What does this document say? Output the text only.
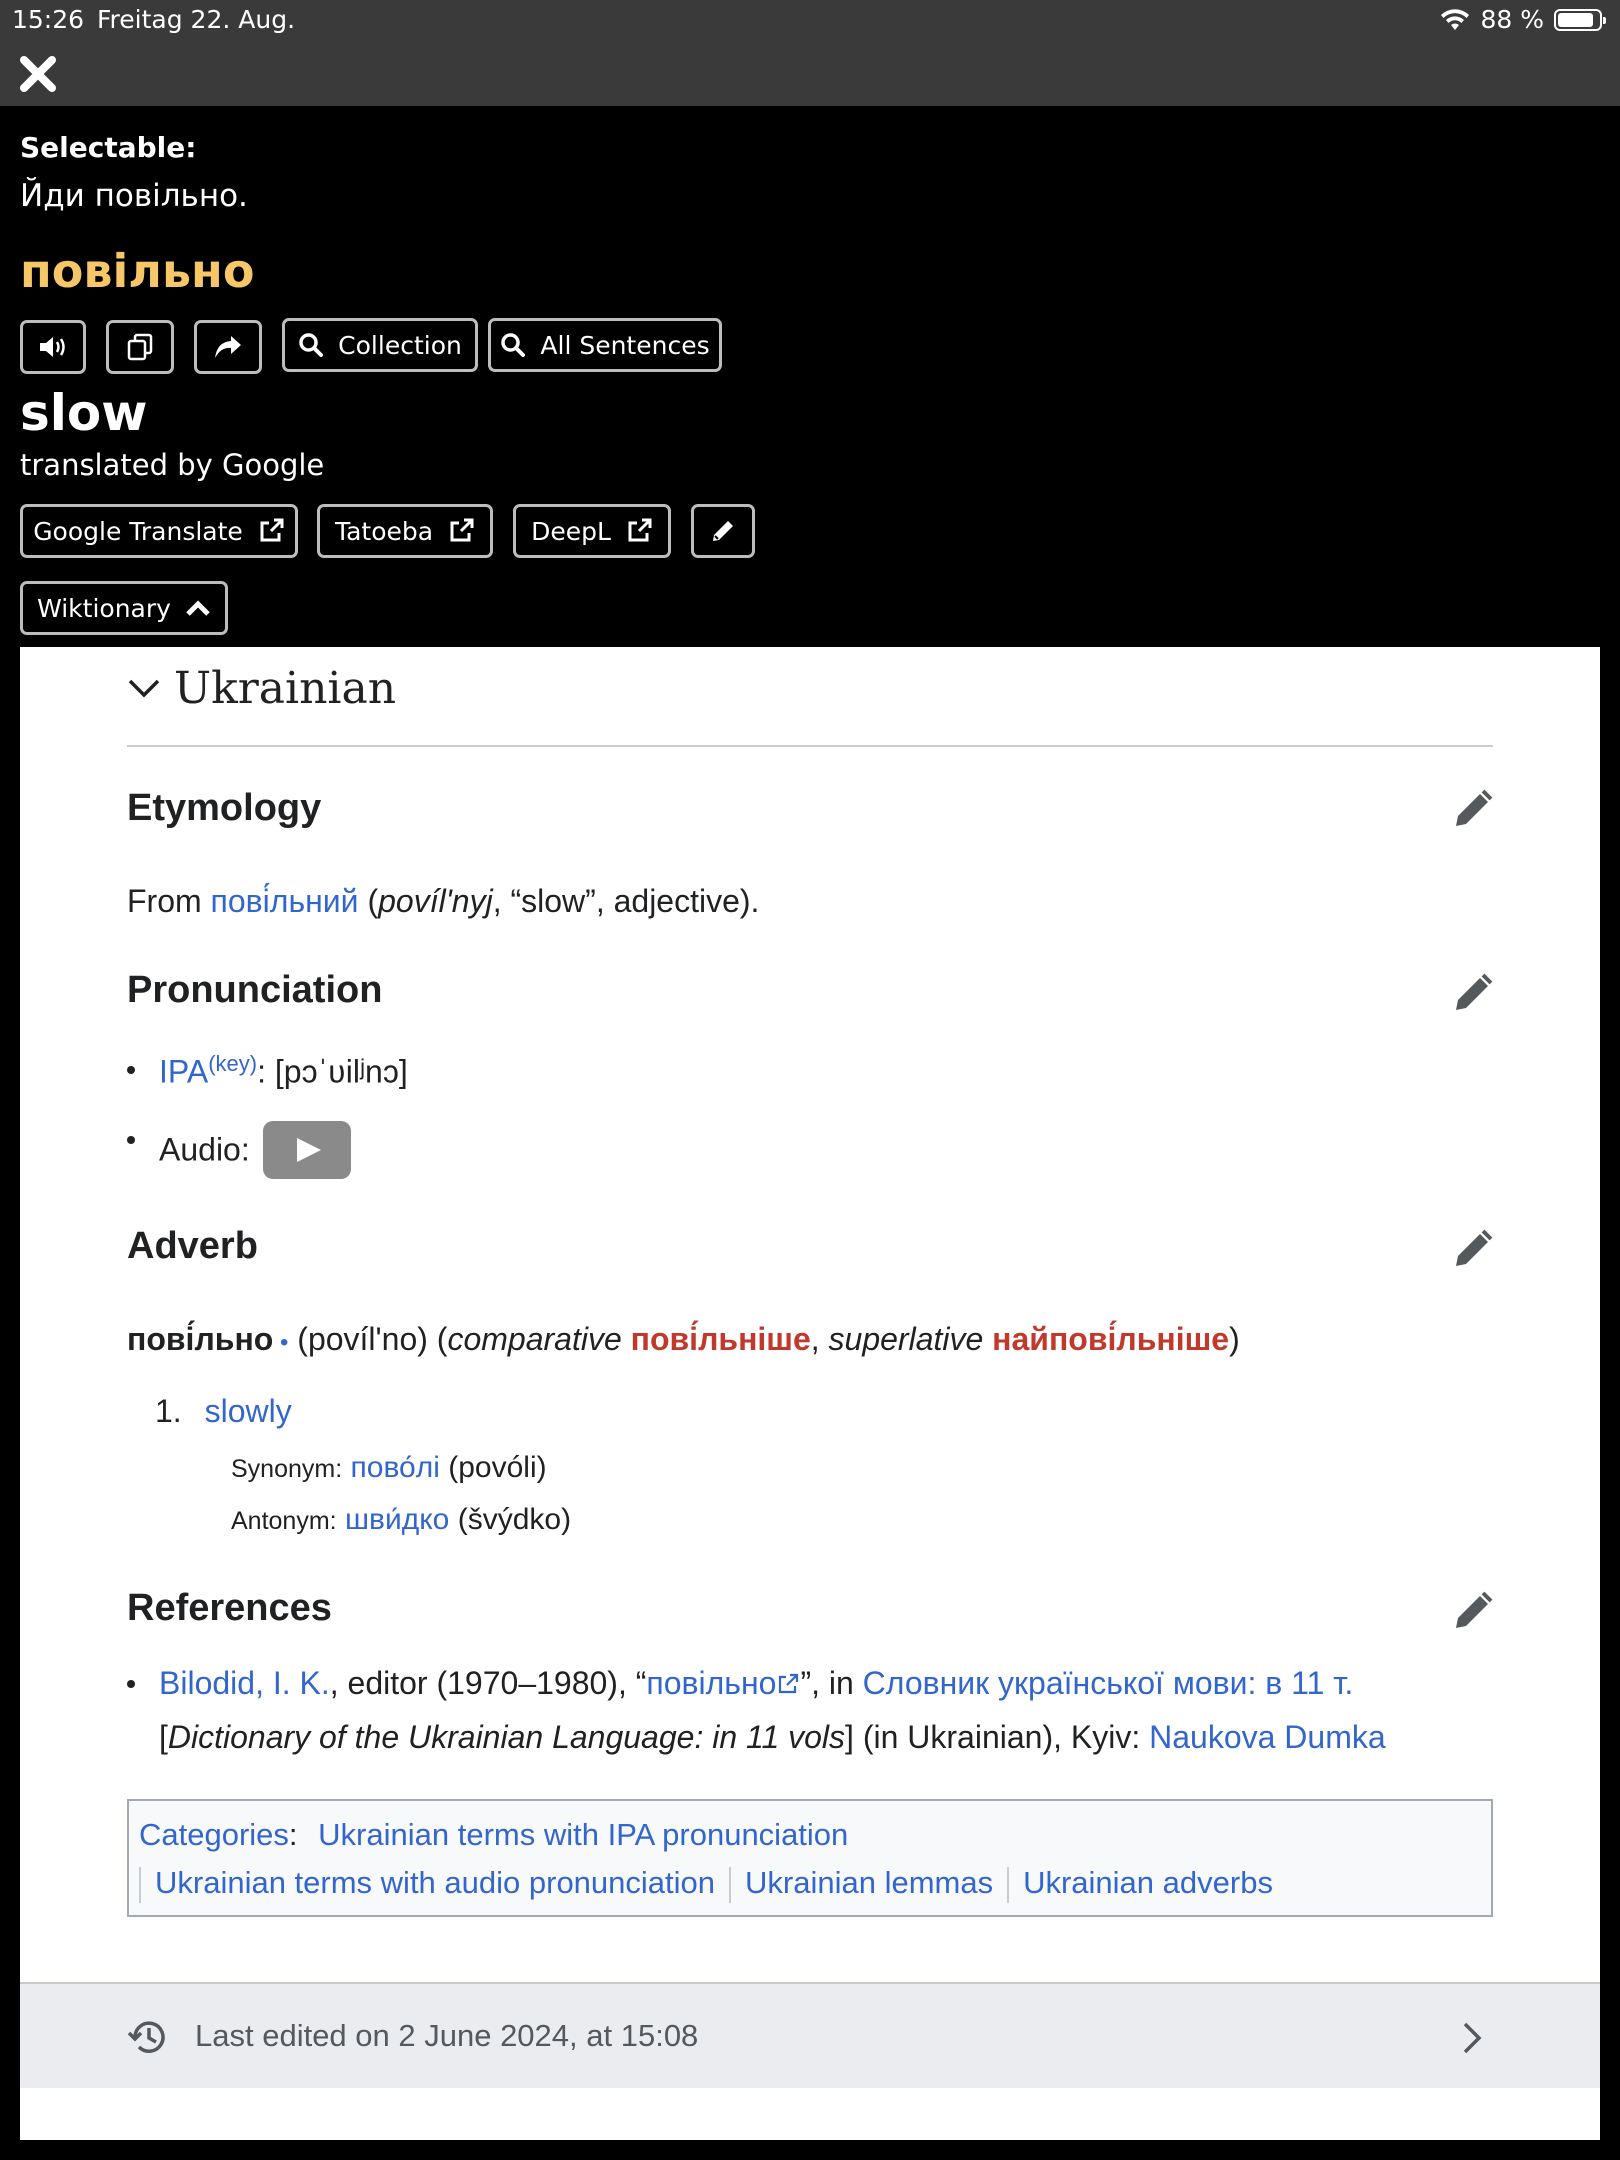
15:26 Freitag 22. Aug.	88 %
Selectable:
Йди повільно.
повільно
Collection	All Sentences
slow
translated by Google
Google Translate	Tatoeba	DeepL
Wiktionary
Ukrainian
Etymology
From пові́льний (povílʹnyj, “slow”, adjective).
Pronunciation
$IPA^{(key)}$: [pɔˈʋilʲnɔ]
Audio:
Adverb
пові́льно • (povílʹno) (comparative пові́льніше, superlative найпові́льніше)
1. slowly
Synonym: пово́лі (povóli)
Antonym: шви́дко (švýdko)
References
Bilodid, I. K., editor (1970–1980), “повільно ”, in Словник української мови: в 11 т.
[Dictionary of the Ukrainian Language: in 11 vols] (in Ukrainian), Kyiv: Naukova Dumka
Categories: Ukrainian terms with IPA pronunciation
Ukrainian terms with audio pronunciation Ukrainian lemmas Ukrainian adverbs
Last edited on 2 June 2024, at 15:08
